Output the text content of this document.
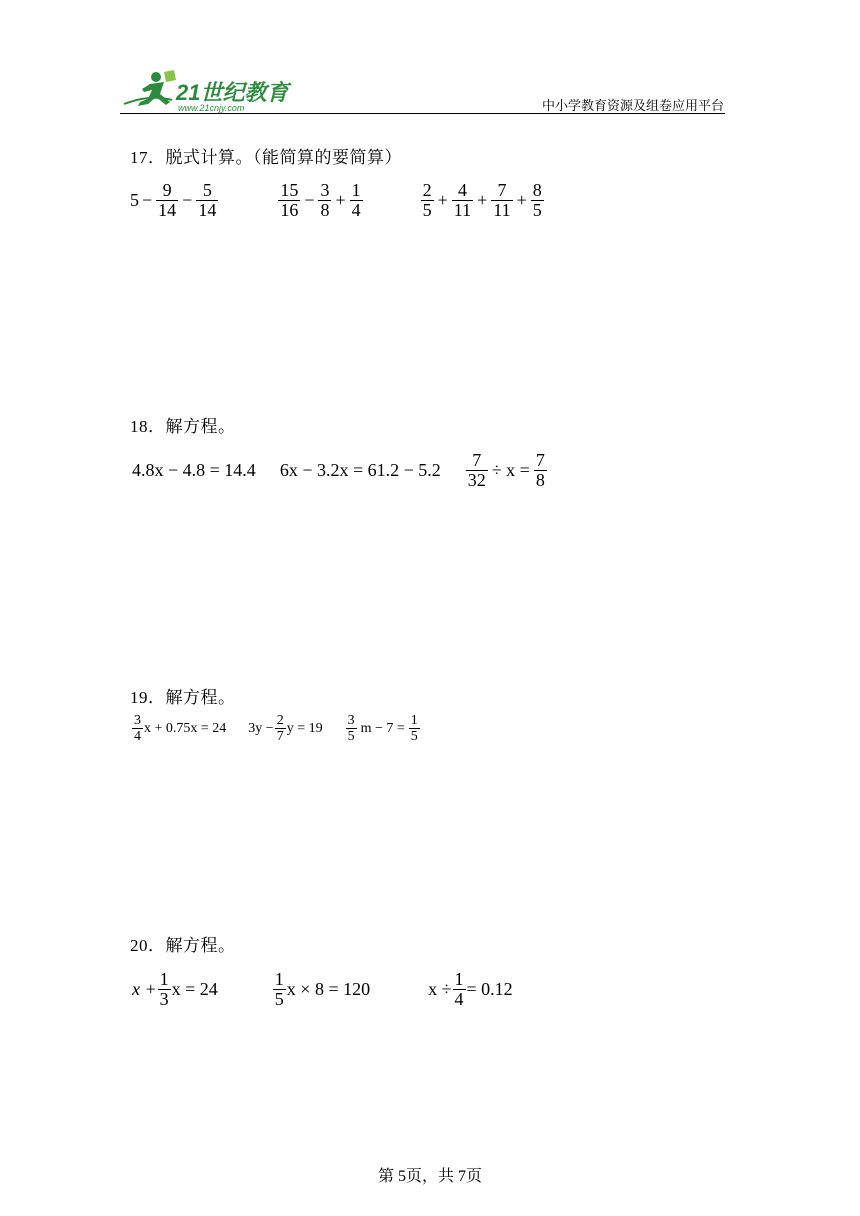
21世纪教育
www.21cnjy.com	中小学教育资源及组卷应用平台
17．脱式计算。（能简算的要简算）
$5 - \frac{9}{14} - \frac{5}{14}$	$\frac{15}{16} - \frac{3}{8} + \frac{1}{4}$	$\frac{2}{5} + \frac{4}{11} + \frac{7}{11} + \frac{8}{5}$
18．解方程。
4.8x − 4.8 = 14.4 $6x - 3.2x = 61.2 - 5.2 \frac{7}{32} \div x = \frac{7}{8}$
19．解方程。
$\frac{3}{4}$ x + 0.75x = 24 $3y - \frac{2}{7}$ $y = 19 \frac{3}{5}$ $m - 7 = \frac{1}{5}$
20．解方程。
$x + \frac{1}{3}$ x = 24	$\frac{1}{5}$ x × 8 = 120	$x \div \frac{1}{4} = 0.12$
第 5页，共 7页
